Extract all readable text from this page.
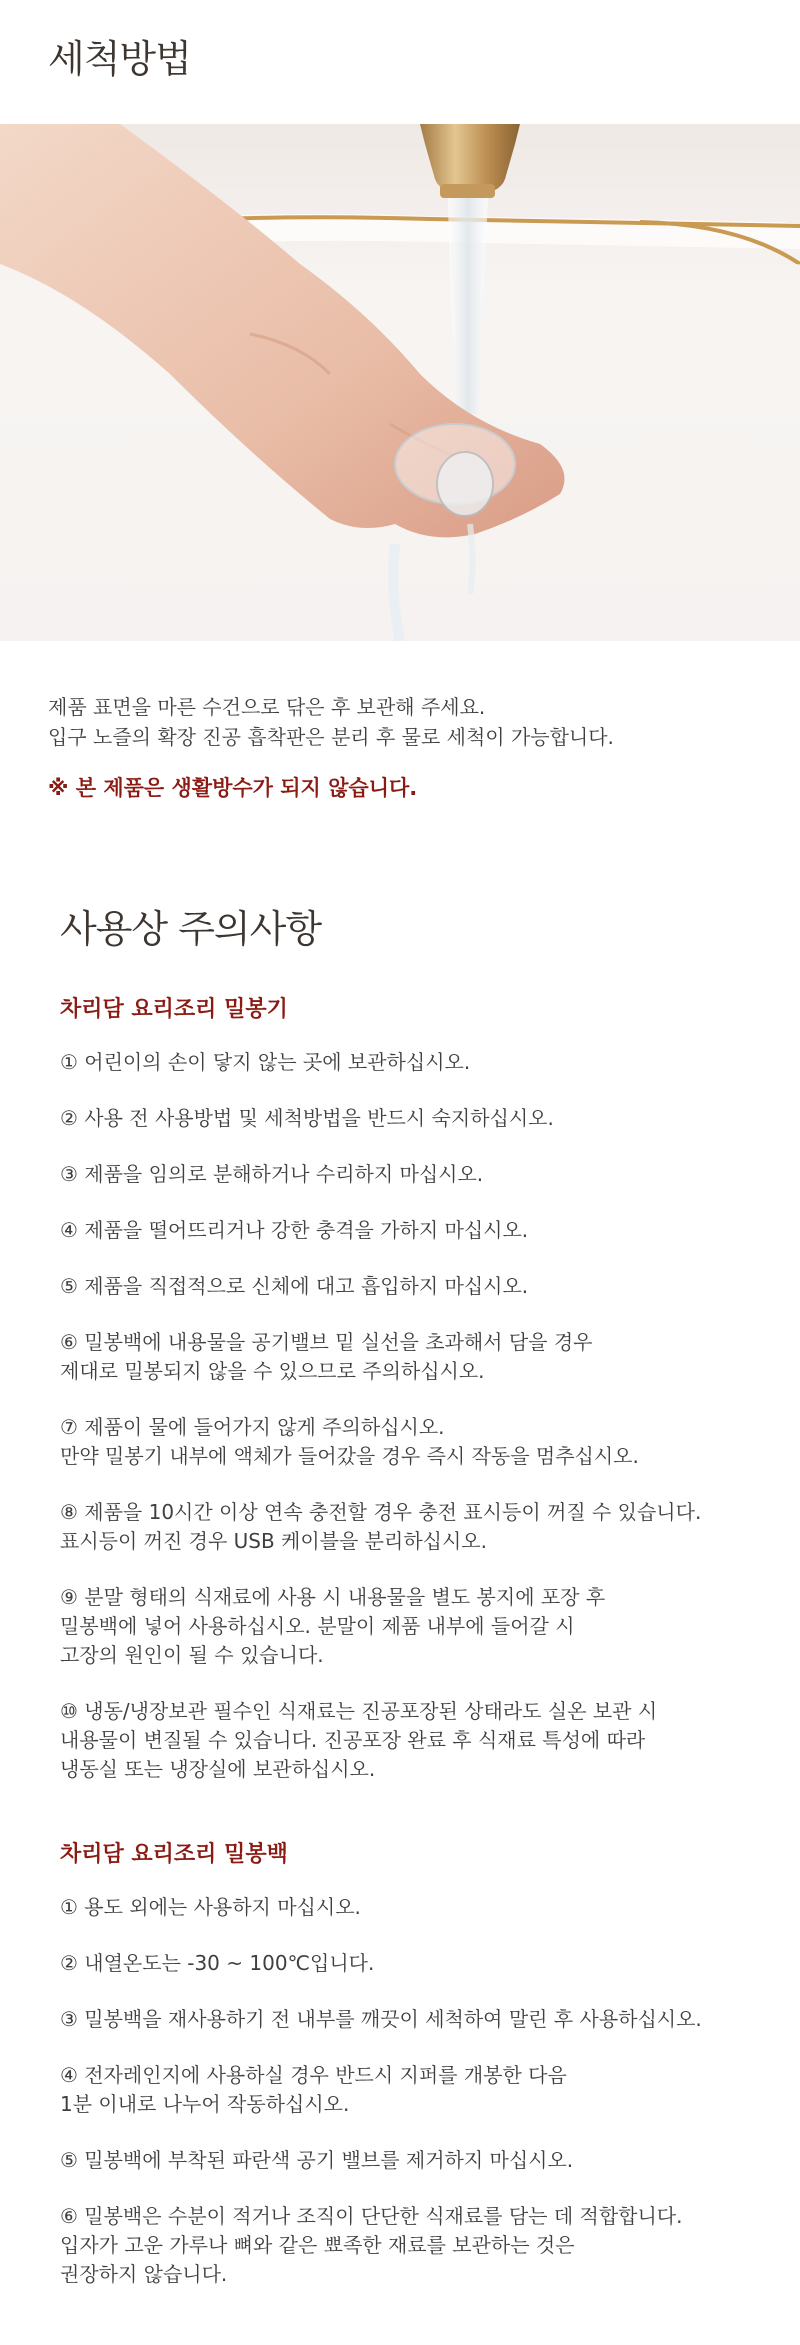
세척방법

제품 표면을 마른 수건으로 닦은 후 보관해 주세요.

입구 노즐의 확장 진공 흡착판은 분리 후 물로 세척이 가능합니다.

※ 본 제품은 생활방수가 되지 않습니다.

사용상 주의사항
차리담 요리조리 밀봉기
① 어린이의 손이 닿지 않는 곳에 보관하십시오.
② 사용 전 사용방법 및 세척방법을 반드시 숙지하십시오.
③ 제품을 임의로 분해하거나 수리하지 마십시오.
④ 제품을 떨어뜨리거나 강한 충격을 가하지 마십시오.
⑤ 제품을 직접적으로 신체에 대고 흡입하지 마십시오.
⑥ 밀봉백에 내용물을 공기밸브 밑 실선을 초과해서 담을 경우
제대로 밀봉되지 않을 수 있으므로 주의하십시오.
⑦ 제품이 물에 들어가지 않게 주의하십시오.
만약 밀봉기 내부에 액체가 들어갔을 경우 즉시 작동을 멈추십시오.
⑧ 제품을 10시간 이상 연속 충전할 경우 충전 표시등이 꺼질 수 있습니다.
표시등이 꺼진 경우 USB 케이블을 분리하십시오.
⑨ 분말 형태의 식재료에 사용 시 내용물을 별도 봉지에 포장 후
밀봉백에 넣어 사용하십시오. 분말이 제품 내부에 들어갈 시
고장의 원인이 될 수 있습니다.
⑩ 냉동/냉장보관 필수인 식재료는 진공포장된 상태라도 실온 보관 시
내용물이 변질될 수 있습니다. 진공포장 완료 후 식재료 특성에 따라
냉동실 또는 냉장실에 보관하십시오.
차리담 요리조리 밀봉백
① 용도 외에는 사용하지 마십시오.
② 내열온도는 -30 ~ 100℃입니다.
③ 밀봉백을 재사용하기 전 내부를 깨끗이 세척하여 말린 후 사용하십시오.
④ 전자레인지에 사용하실 경우 반드시 지퍼를 개봉한 다음
1분 이내로 나누어 작동하십시오.
⑤ 밀봉백에 부착된 파란색 공기 밸브를 제거하지 마십시오.
⑥ 밀봉백은 수분이 적거나 조직이 단단한 식재료를 담는 데 적합합니다.
입자가 고운 가루나 뼈와 같은 뾰족한 재료를 보관하는 것은
권장하지 않습니다.
